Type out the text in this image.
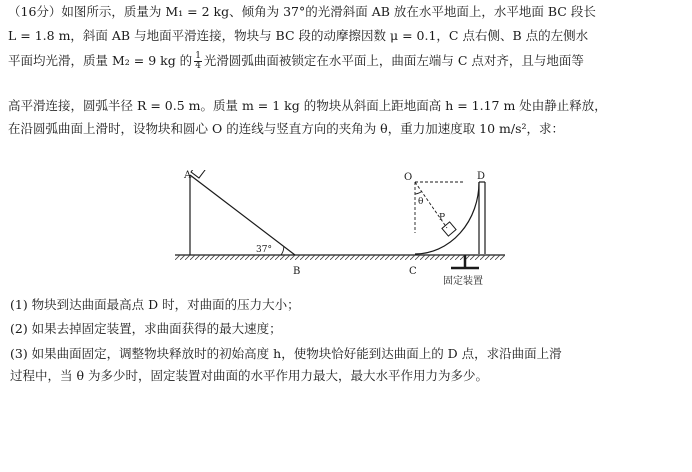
（16分）如图所示，质量为 M₁ = 2 kg、倾角为 37°的光滑斜面 AB 放在水平地面上，水平地面 BC 段长
L = 1.8 m，斜面 AB 与地面平滑连接，物块与 BC 段的动摩擦因数 μ = 0.1，C 点右侧、B 点的左侧水
平面均光滑，质量 M₂ = 9 kg 的 $\frac{1}{4}$ 光滑圆弧曲面被锁定在水平面上，曲面左端与 C 点对齐，且与地面等
高平滑连接，圆弧半径 R = 0.5 m。质量 m = 1 kg 的物块从斜面上距地面高 h = 1.17 m 处由静止释放，
在沿圆弧曲面上滑时，设物块和圆心 O 的连线与竖直方向的夹角为 θ，重力加速度取 10 m/s²，求：
A
37°
B
O
θ
P
D
C
固定装置
(1) 物块到达曲面最高点 D 时，对曲面的压力大小；
(2) 如果去掉固定装置，求曲面获得的最大速度；
(3) 如果曲面固定，调整物块释放时的初始高度 h，使物块恰好能到达曲面上的 D 点，求沿曲面上滑
过程中，当 θ 为多少时，固定装置对曲面的水平作用力最大，最大水平作用力为多少。
